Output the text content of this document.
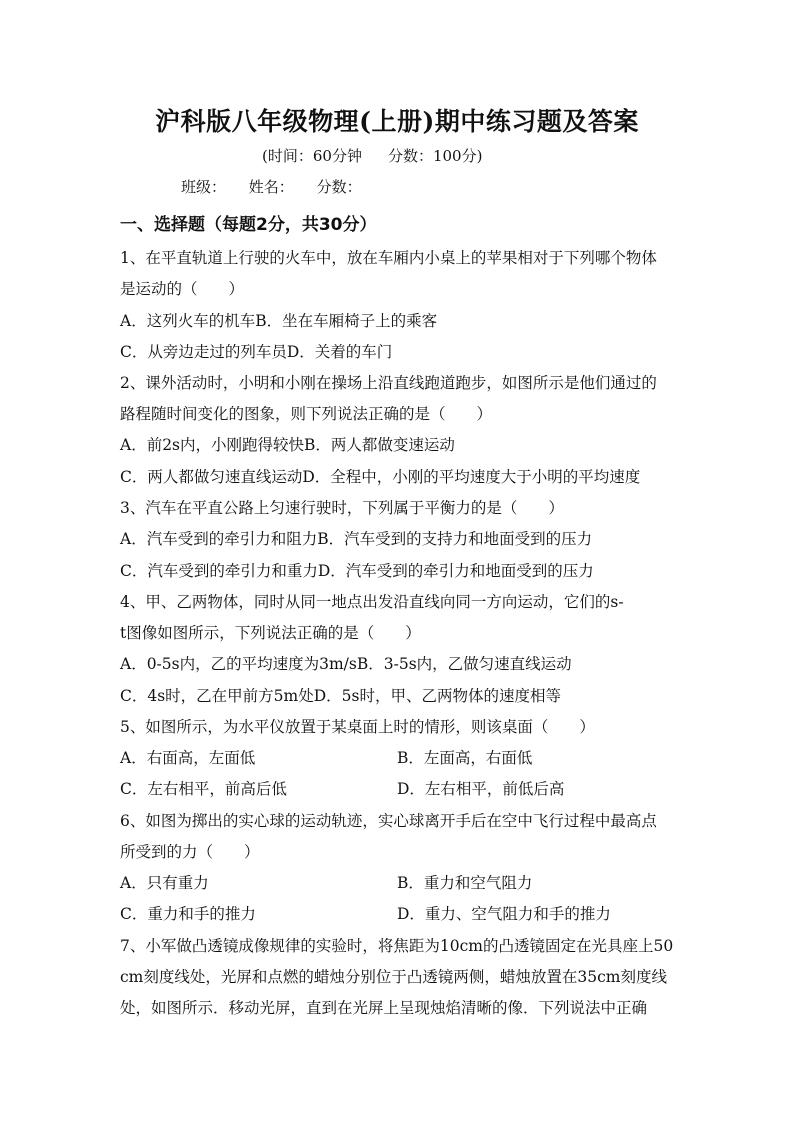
沪科版八年级物理(上册)期中练习题及答案
(时间：60分钟 分数：100分)
班级： 姓名： 分数：
一、选择题（每题2分，共30分）
1、在平直轨道上行驶的火车中，放在车厢内小桌上的苹果相对于下列哪个物体
是运动的（　　）
A．这列火车的机车B．坐在车厢椅子上的乘客
C．从旁边走过的列车员D．关着的车门
2、课外活动时，小明和小刚在操场上沿直线跑道跑步，如图所示是他们通过的
路程随时间变化的图象，则下列说法正确的是（　　）
A．前2s内，小刚跑得较快B．两人都做变速运动
C．两人都做匀速直线运动D．全程中，小刚的平均速度大于小明的平均速度
3、汽车在平直公路上匀速行驶时，下列属于平衡力的是（　　）
A．汽车受到的牵引力和阻力B．汽车受到的支持力和地面受到的压力
C．汽车受到的牵引力和重力D．汽车受到的牵引力和地面受到的压力
4、甲、乙两物体，同时从同一地点出发沿直线向同一方向运动，它们的s-
t图像如图所示，下列说法正确的是（　　）
A．0-5s内，乙的平均速度为3m/sB．3-5s内，乙做匀速直线运动
C．4s时，乙在甲前方5m处D．5s时，甲、乙两物体的速度相等
5、如图所示，为水平仪放置于某桌面上时的情形，则该桌面（　　）
A．右面高，左面低	B．左面高，右面低
C．左右相平，前高后低	D．左右相平，前低后高
6、如图为掷出的实心球的运动轨迹，实心球离开手后在空中飞行过程中最高点
所受到的力（　　）
A．只有重力	B．重力和空气阻力
C．重力和手的推力	D．重力、空气阻力和手的推力
7、小军做凸透镜成像规律的实验时，将焦距为10cm的凸透镜固定在光具座上50
cm刻度线处，光屏和点燃的蜡烛分别位于凸透镜两侧，蜡烛放置在35cm刻度线
处，如图所示．移动光屏，直到在光屏上呈现烛焰清晰的像．下列说法中正确
